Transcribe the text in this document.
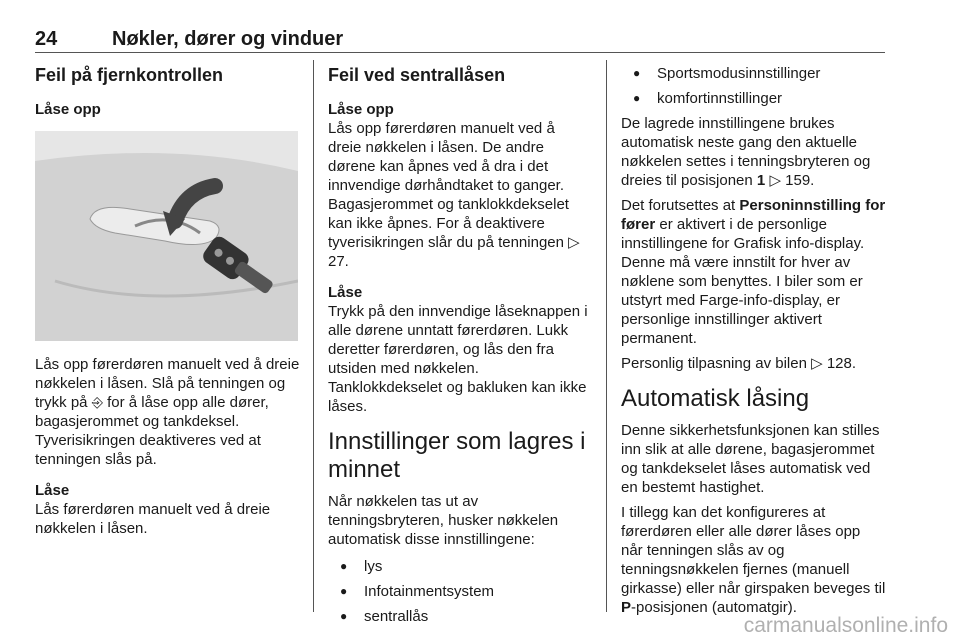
24	Nøkler, dører og vinduer
Feil på fjernkontrollen
Låse opp

Lås opp førerdøren manuelt ved å dreie nøkkelen i låsen. Slå på tenningen og trykk på ⎆ for å låse opp alle dører, bagasjerommet og tankdeksel. Tyverisikringen deaktiveres ved at tenningen slås på.

Låse

Lås førerdøren manuelt ved å dreie nøkkelen i låsen.

Feil ved sentrallåsen
Låse opp

Lås opp førerdøren manuelt ved å dreie nøkkelen i låsen. De andre dørene kan åpnes ved å dra i det innvendige dørhåndtaket to ganger. Bagasjerommet og tanklokkdekselet kan ikke åpnes. For å deaktivere tyverisikringen slår du på tenningen ▷ 27.

Låse

Trykk på den innvendige låseknappen i alle dørene unntatt førerdøren. Lukk deretter førerdøren, og lås den fra utsiden med nøkkelen. Tanklokkdekselet og bakluken kan ikke låses.

Innstillinger som lagres i minnet

Når nøkkelen tas ut av tenningsbryteren, husker nøkkelen automatisk disse innstillingene:

● lys
● Infotainmentsystem
● sentrallås
● Sportsmodusinnstillinger
● komfortinnstillinger

De lagrede innstillingene brukes automatisk neste gang den aktuelle nøkkelen settes i tenningsbryteren og dreies til posisjonen 1 ▷ 159.

Det forutsettes at Personinnstilling for fører er aktivert i de personlige innstillingene for Grafisk info-display. Denne må være innstilt for hver av nøklene som benyttes. I biler som er utstyrt med Farge-info-display, er personlige innstillinger aktivert permanent.

Personlig tilpasning av bilen ▷ 128.

Automatisk låsing

Denne sikkerhetsfunksjonen kan stilles inn slik at alle dørene, bagasjerommet og tankdekselet låses automatisk ved en bestemt hastighet.

I tillegg kan det konfigureres at førerdøren eller alle dører låses opp når tenningen slås av og tenningsnøkkelen fjernes (manuell girkasse) eller når girspaken beveges til P-posisjonen (automatgir).

carmanualsonline.info
